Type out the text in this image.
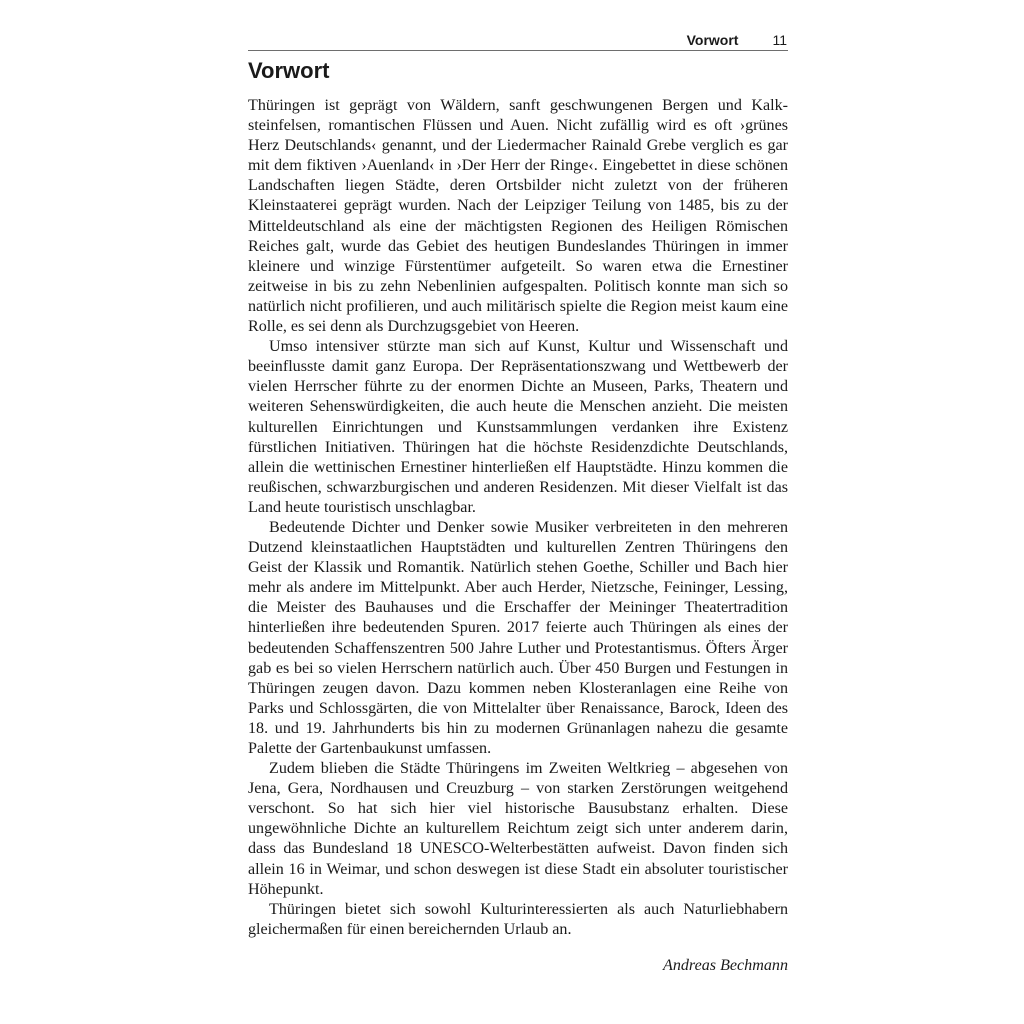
Vorwort 11
Vorwort

Thüringen ist geprägt von Wäldern, sanft geschwungenen Bergen und Kalksteinfelsen, romantischen Flüssen und Auen. Nicht zufällig wird es oft ›grünes Herz Deutschlands‹ genannt, und der Liedermacher Rainald Grebe verglich es gar mit dem fiktiven ›Auenland‹ in ›Der Herr der Ringe‹. Eingebettet in diese schönen Landschaften liegen Städte, deren Ortsbilder nicht zuletzt von der früheren Kleinstaaterei geprägt wurden. Nach der Leipziger Teilung von 1485, bis zu der Mitteldeutschland als eine der mächtigsten Regionen des Heiligen Römischen Reiches galt, wurde das Gebiet des heutigen Bundeslandes Thüringen in immer kleinere und winzige Fürstentümer aufgeteilt. So waren etwa die Ernestiner zeitweise in bis zu zehn Nebenlinien aufgespalten. Politisch konnte man sich so natürlich nicht profilieren, und auch militärisch spielte die Region meist kaum eine Rolle, es sei denn als Durchzugsgebiet von Heeren.

Umso intensiver stürzte man sich auf Kunst, Kultur und Wissenschaft und beeinflusste damit ganz Europa. Der Repräsentationszwang und Wettbewerb der vielen Herrscher führte zu der enormen Dichte an Museen, Parks, Theatern und weiteren Sehenswürdigkeiten, die auch heute die Menschen anzieht. Die meisten kulturellen Einrichtungen und Kunstsammlungen verdanken ihre Existenz fürstlichen Initiativen. Thüringen hat die höchste Residenzdichte Deutschlands, allein die wettinischen Ernestiner hinterließen elf Hauptstädte. Hinzu kommen die reußischen, schwarzburgischen und anderen Residenzen. Mit dieser Vielfalt ist das Land heute touristisch unschlagbar.

Bedeutende Dichter und Denker sowie Musiker verbreiteten in den mehreren Dutzend kleinstaatlichen Hauptstädten und kulturellen Zentren Thüringens den Geist der Klassik und Romantik. Natürlich stehen Goethe, Schiller und Bach hier mehr als andere im Mittelpunkt. Aber auch Herder, Nietzsche, Feininger, Lessing, die Meister des Bauhauses und die Erschaffer der Meininger Theatertradition hinterließen ihre bedeutenden Spuren. 2017 feierte auch Thüringen als eines der bedeutenden Schaffenszentren 500 Jahre Luther und Protestantismus. Öfters Ärger gab es bei so vielen Herrschern natürlich auch. Über 450 Burgen und Festungen in Thüringen zeugen davon. Dazu kommen neben Klosteranlagen eine Reihe von Parks und Schlossgärten, die von Mittelalter über Renaissance, Barock, Ideen des 18. und 19. Jahrhunderts bis hin zu modernen Grünanlagen nahezu die gesamte Palette der Gartenbaukunst umfassen.

Zudem blieben die Städte Thüringens im Zweiten Weltkrieg – abgesehen von Jena, Gera, Nordhausen und Creuzburg – von starken Zerstörungen weitgehend verschont. So hat sich hier viel historische Bausubstanz erhalten. Diese ungewöhnliche Dichte an kulturellem Reichtum zeigt sich unter anderem darin, dass das Bundesland 18 UNESCO-Welterbestätten aufweist. Davon finden sich allein 16 in Weimar, und schon deswegen ist diese Stadt ein absoluter touristischer Höhepunkt.

Thüringen bietet sich sowohl Kulturinteressierten als auch Naturliebhabern gleichermaßen für einen bereichernden Urlaub an.

Andreas Bechmann
